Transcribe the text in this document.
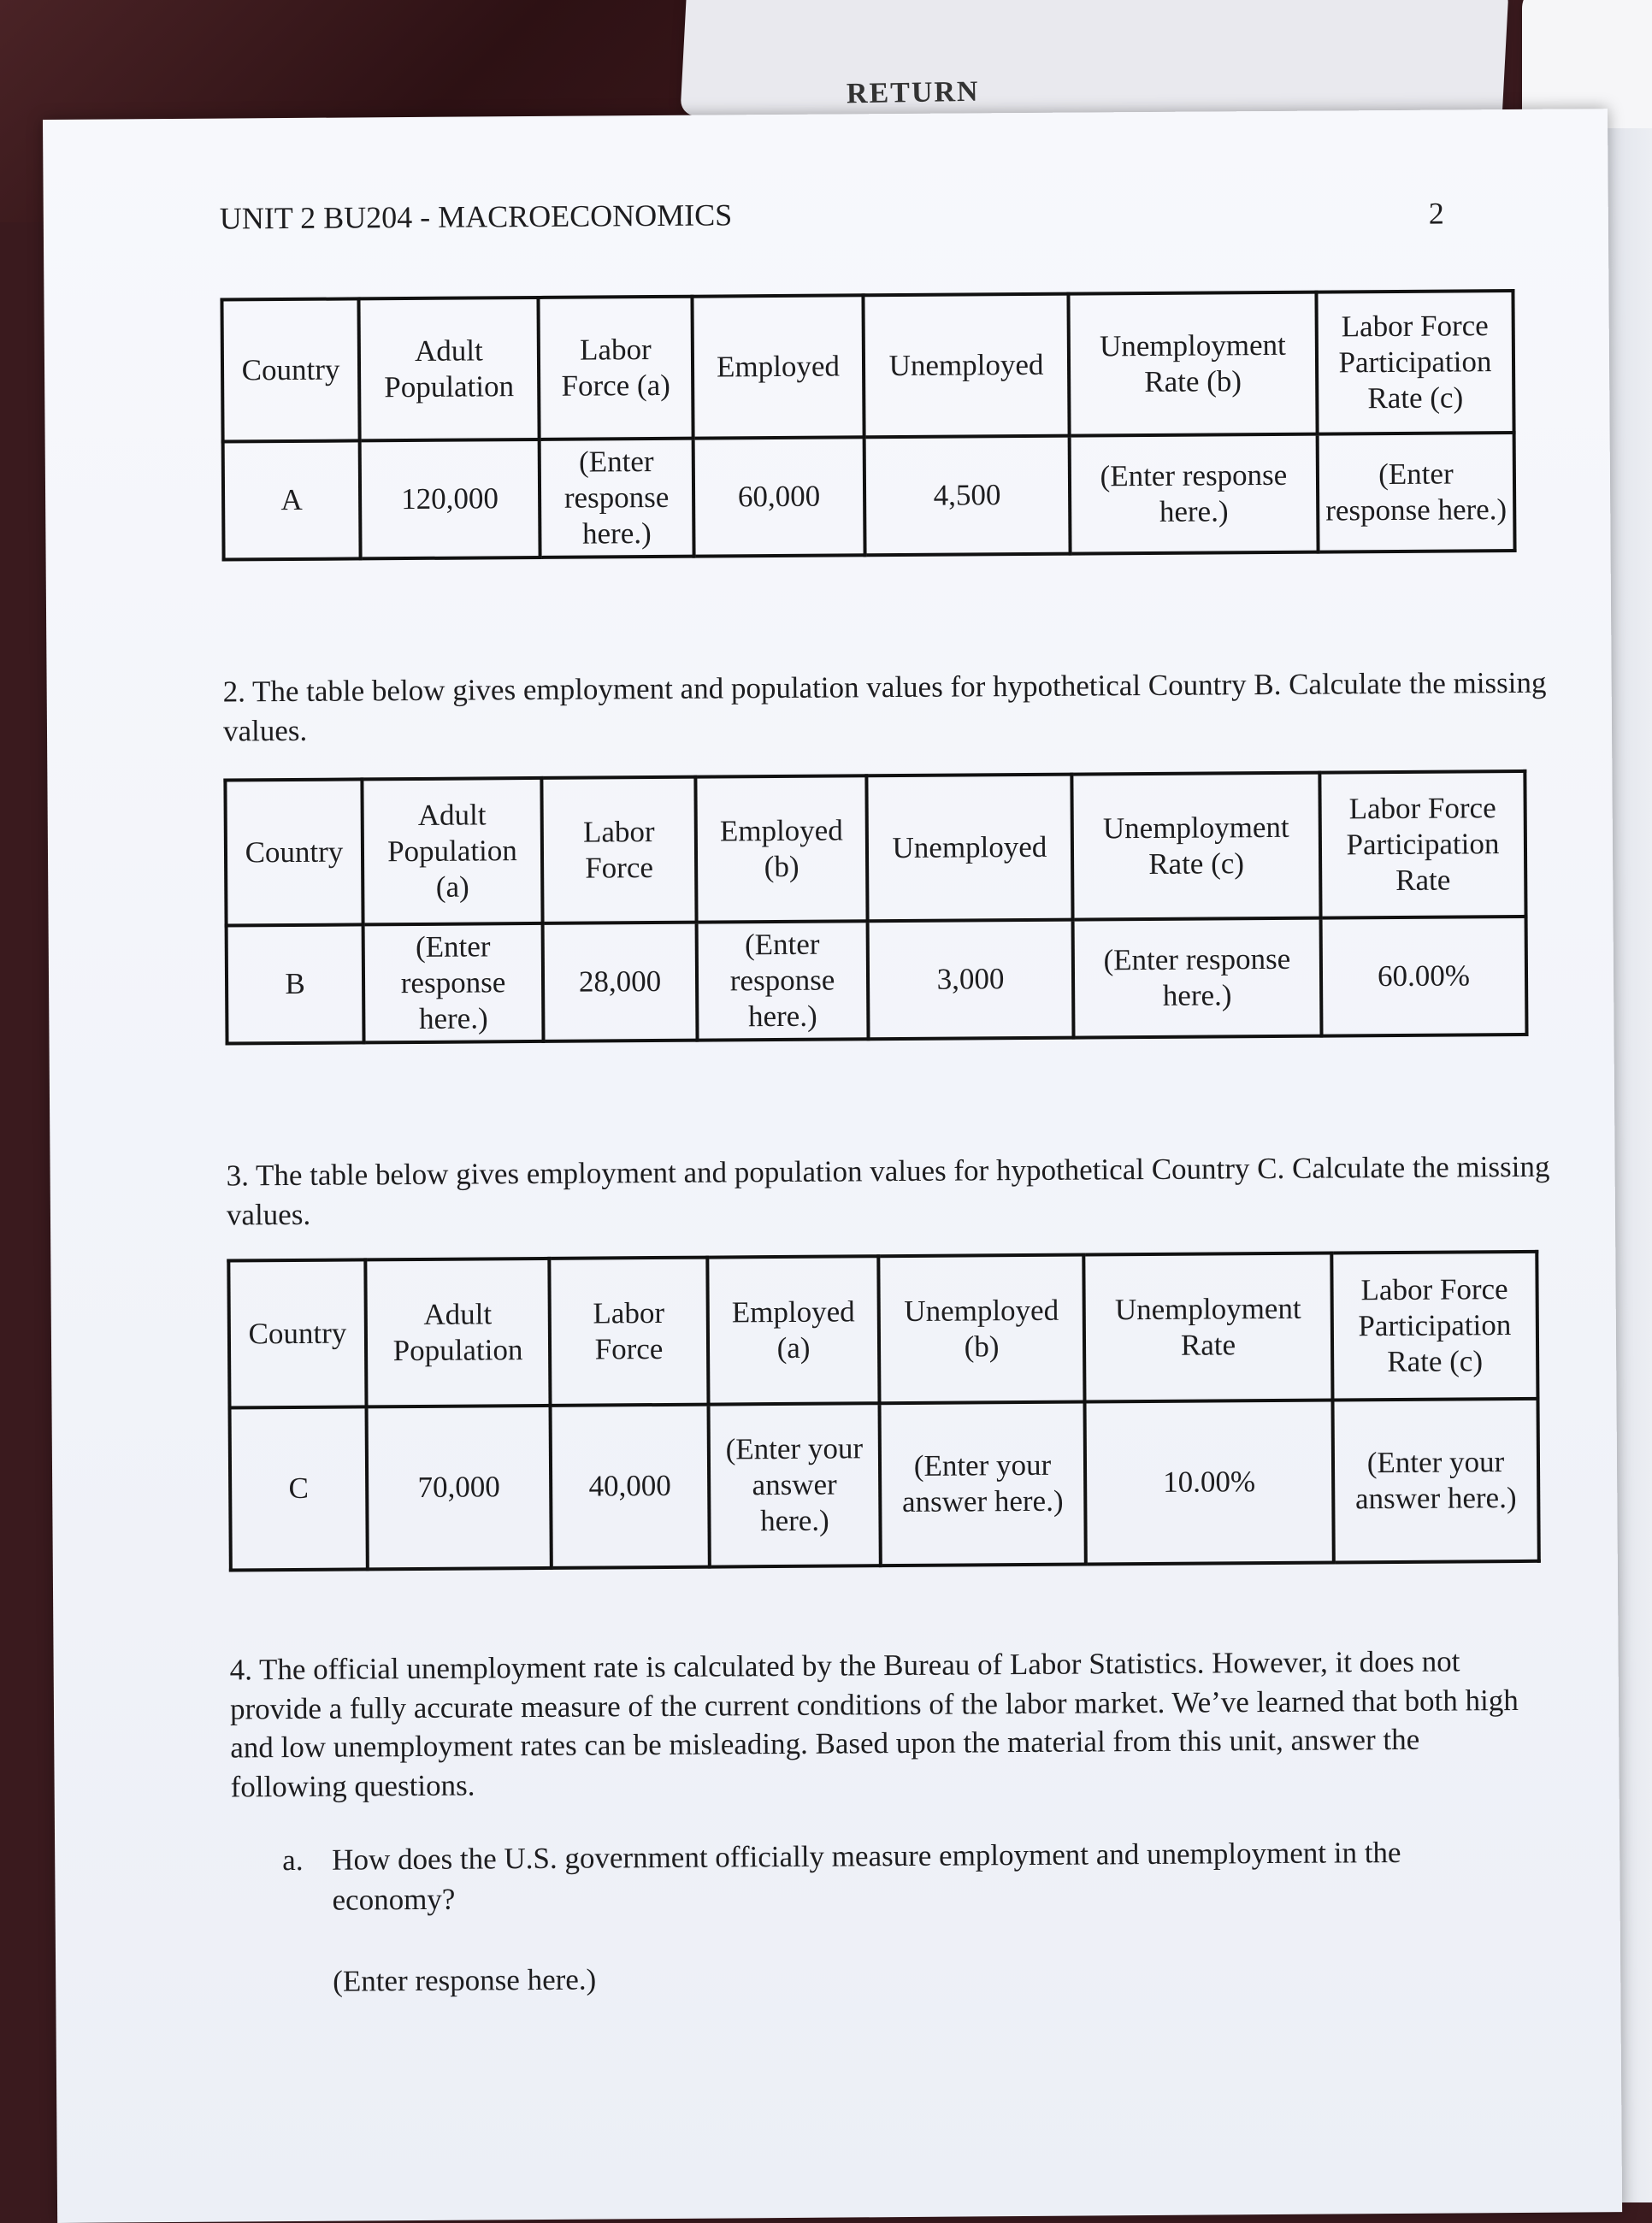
RETURN
UNIT 2 BU204 - MACROECONOMICS	2
Country	Adult Population	Labor Force (a)	Employed	Unemployed	Unemployment Rate (b)	Labor Force Participation Rate (c)
A	120,000	(Enter response here.)	60,000	4,500	(Enter response here.)	(Enter response here.)
2. The table below gives employment and population values for hypothetical Country B. Calculate the missing values.
Country	Adult Population (a)	Labor Force	Employed (b)	Unemployed	Unemployment Rate (c)	Labor Force Participation Rate
B	(Enter response here.)	28,000	(Enter response here.)	3,000	(Enter response here.)	60.00%
3. The table below gives employment and population values for hypothetical Country C. Calculate the missing values.
Country	Adult Population	Labor Force	Employed (a)	Unemployed (b)	Unemployment Rate	Labor Force Participation Rate (c)
C	70,000	40,000	(Enter your answer here.)	(Enter your answer here.)	10.00%	(Enter your answer here.)
4. The official unemployment rate is calculated by the Bureau of Labor Statistics. However, it does not provide a fully accurate measure of the current conditions of the labor market. We’ve learned that both high and low unemployment rates can be misleading. Based upon the material from this unit, answer the following questions.
a. How does the U.S. government officially measure employment and unemployment in the economy?
(Enter response here.)
